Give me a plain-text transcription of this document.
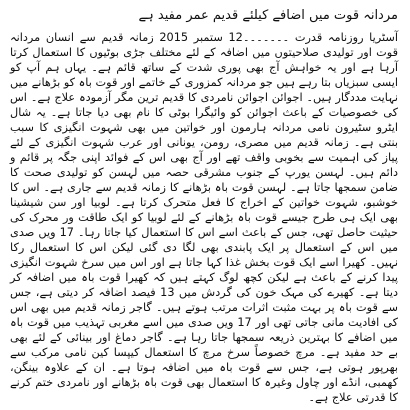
مردانہ قوت میں اضافے کیلئے قدیم عمر مفید ہے

آسٹریا روزنامہ قدرت ۔۔۔۔۔۔۔12 ستمبر 2015 زمانہ قدیم سے انسان مردانہ قوت اور تولیدی صلاحیتوں میں اضافہ کے لئے مختلف جڑی بوٹیوں کا استعمال کرتا آرہا ہے اور یہ خواہش آج بھی پوری شدت کے ساتھ قائم ہے۔ یہاں ہم آپ کو ایسی سبزیاں بتا رہے ہیں جو مردانہ کمزوری کے خاتمے اور قوت باہ کو بڑھانے میں نہایت مددگار ہیں۔ اجوائن اجوائن نامردی کا قدیم ترین مگر آزمودہ علاج ہے۔ اس کی خصوصیات کے باعث اجوائن کو وائیگرا بوٹی کا نام بھی دیا جاتا ہے۔ یہ شال ایٹرو سٹیرون نامی مردانہ ہارمون اور خواتین میں بھی شہوت انگیزی کا سبب بنتی ہے۔ زمانہ قدیم میں مصری، رومن، یونانی اور عرب شہوت انگیزی کے لئے پیاز کی اہمیت سے بخوبی واقف تھے اور آج بھی اس کے فوائد اپنی جگہ پر قائم و دائم ہیں۔ لہسن یورپ کے جنوب مشرقی حصہ میں لہسن کو تولیدی صحت کا ضامن سمجھا جاتا ہے۔ لہسن قوت باہ بڑھانے کا زمانہ قدیم سے جاری ہے۔ اس کا خوشبو، شہوت خواتین کے اخراج کا فعل متحرک کرتا ہے۔ لوبیا اور سن شیشینا بھی ایک ہی طرح جیسے قوت باہ بڑھانے کے لئے لوبیا کو ایک طاقت ور محرک کی حیثیت حاصل تھی، جس کے باعث اسے اس کا استعمال کیا جاتا رہا۔ 17 ویں صدی میں اس کے استعمال پر ایک پابندی بھی لگا دی گئی لیکن اس کا استعمال رکا نہیں۔ کھیرا اسے ایک قوت بخش غذا کہا جاتا ہے اور اس میں سرخ شہوت انگیزی پیدا کرنے کے باعث ہے لیکن کچھ لوگ کہتے ہیں کہ کھیرا قوت باہ میں اضافہ کر دیتا ہے۔ کھیرے کی مہک خون کی گردش میں 13 فیصد اضافہ کر دیتی ہے، جس سے قوت باہ پر بہت مثبت اثرات مرتب ہوتے ہیں۔ گاجر زمانہ قدیم میں بھی اس کی افادیت مانی جاتی تھی اور 17 ویں صدی میں اسے مغربی تہذیب میں قوت باہ میں اضافے کا بہترین ذریعہ سمجھا جاتا رہا ہے۔ گاجر دماغ اور بینائی کے لئے بھی بے حد مفید ہے۔ مرچ خصوصاً سرخ مرچ کا استعمال کیپسا کین نامی مرکب سے بھرپور ہوتی ہے، جس سے قوت باہ میں اضافہ ہوتا ہے۔ ان کے علاوہ بینگن، کھمبی، انڈے اور چاول وغیرہ کا استعمال بھی قوت باہ بڑھانے اور نامردی ختم کرنے کا قدرتی علاج ہے۔
